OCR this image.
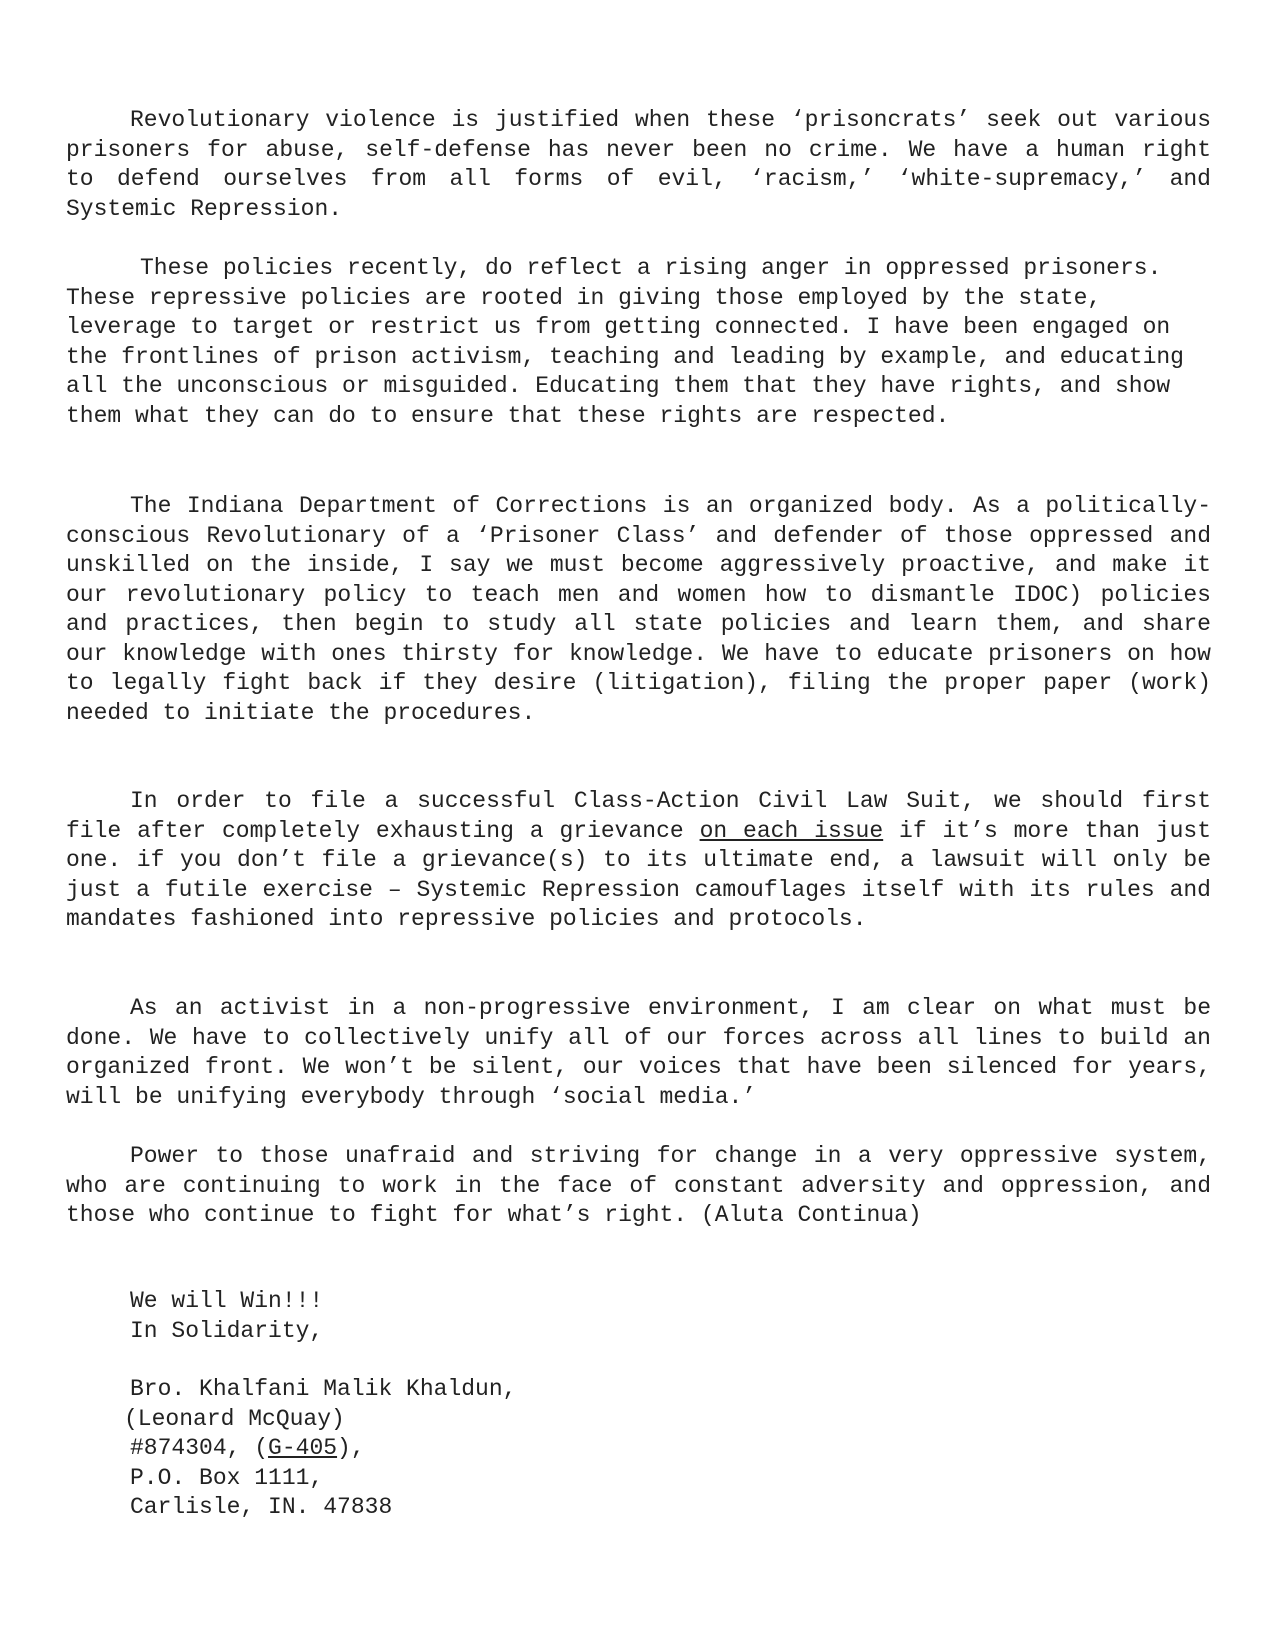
Revolutionary violence is justified when these ‘prisoncrats’ seek out various prisoners for abuse, self-defense has never been no crime. We have a human right to defend ourselves from all forms of evil, ‘racism,’ ‘white-supremacy,’ and Systemic Repression.

These policies recently, do reflect a rising anger in oppressed prisoners. These repressive policies are rooted in giving those employed by the state, leverage to target or restrict us from getting connected. I have been engaged on the frontlines of prison activism, teaching and leading by example, and educating all the unconscious or misguided. Educating them that they have rights, and show them what they can do to ensure that these rights are respected.

The Indiana Department of Corrections is an organized body. As a politically-conscious Revolutionary of a ‘Prisoner Class’ and defender of those oppressed and unskilled on the inside, I say we must become aggressively proactive, and make it our revolutionary policy to teach men and women how to dismantle IDOC) policies and practices, then begin to study all state policies and learn them, and share our knowledge with ones thirsty for knowledge. We have to educate prisoners on how to legally fight back if they desire (litigation), filing the proper paper (work) needed to initiate the procedures.

In order to file a successful Class-Action Civil Law Suit, we should first file after completely exhausting a grievance on each issue if it’s more than just one. if you don’t file a grievance(s) to its ultimate end, a lawsuit will only be just a futile exercise – Systemic Repression camouflages itself with its rules and mandates fashioned into repressive policies and protocols.

As an activist in a non-progressive environment, I am clear on what must be done. We have to collectively unify all of our forces across all lines to build an organized front. We won’t be silent, our voices that have been silenced for years, will be unifying everybody through ‘social media.’

Power to those unafraid and striving for change in a very oppressive system, who are continuing to work in the face of constant adversity and oppression, and those who continue to fight for what’s right. (Aluta Continua)

We will Win!!!
In Solidarity,
Bro. Khalfani Malik Khaldun,
(Leonard McQuay)
#874304, (G-405),
P.O. Box 1111,
Carlisle, IN. 47838
